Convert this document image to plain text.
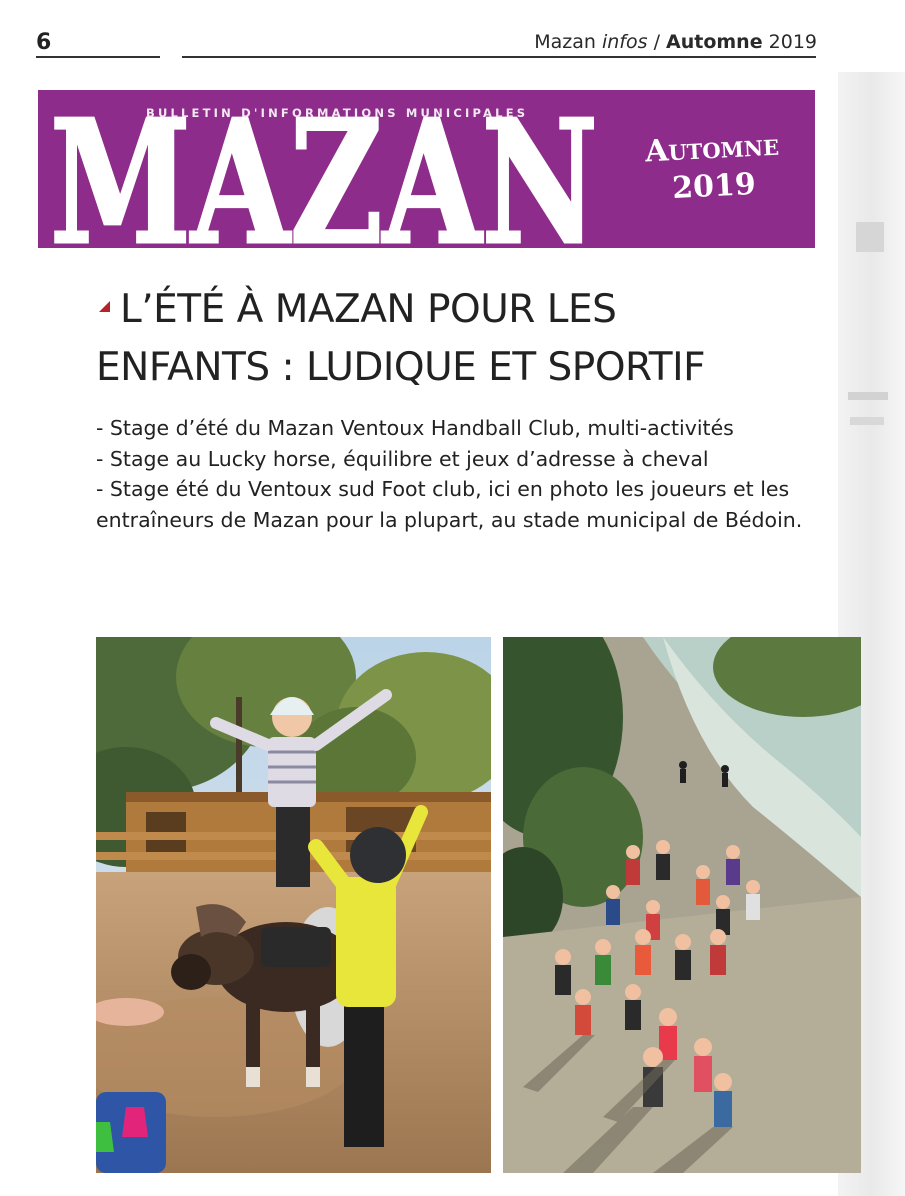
6	Mazan infos / Automne 2019
MAZAN
BULLETIN D'INFORMATIONS MUNICIPALES
Automne
2019
L’ÉTÉ À MAZAN POUR LES
ENFANTS : LUDIQUE ET SPORTIF

- Stage d’été du Mazan Ventoux Handball Club, multi-activités

- Stage au Lucky horse, équilibre et jeux d’adresse à cheval

- Stage été du Ventoux sud Foot club, ici en photo les joueurs et les entraîneurs de Mazan pour la plupart, au stade municipal de Bédoin.
